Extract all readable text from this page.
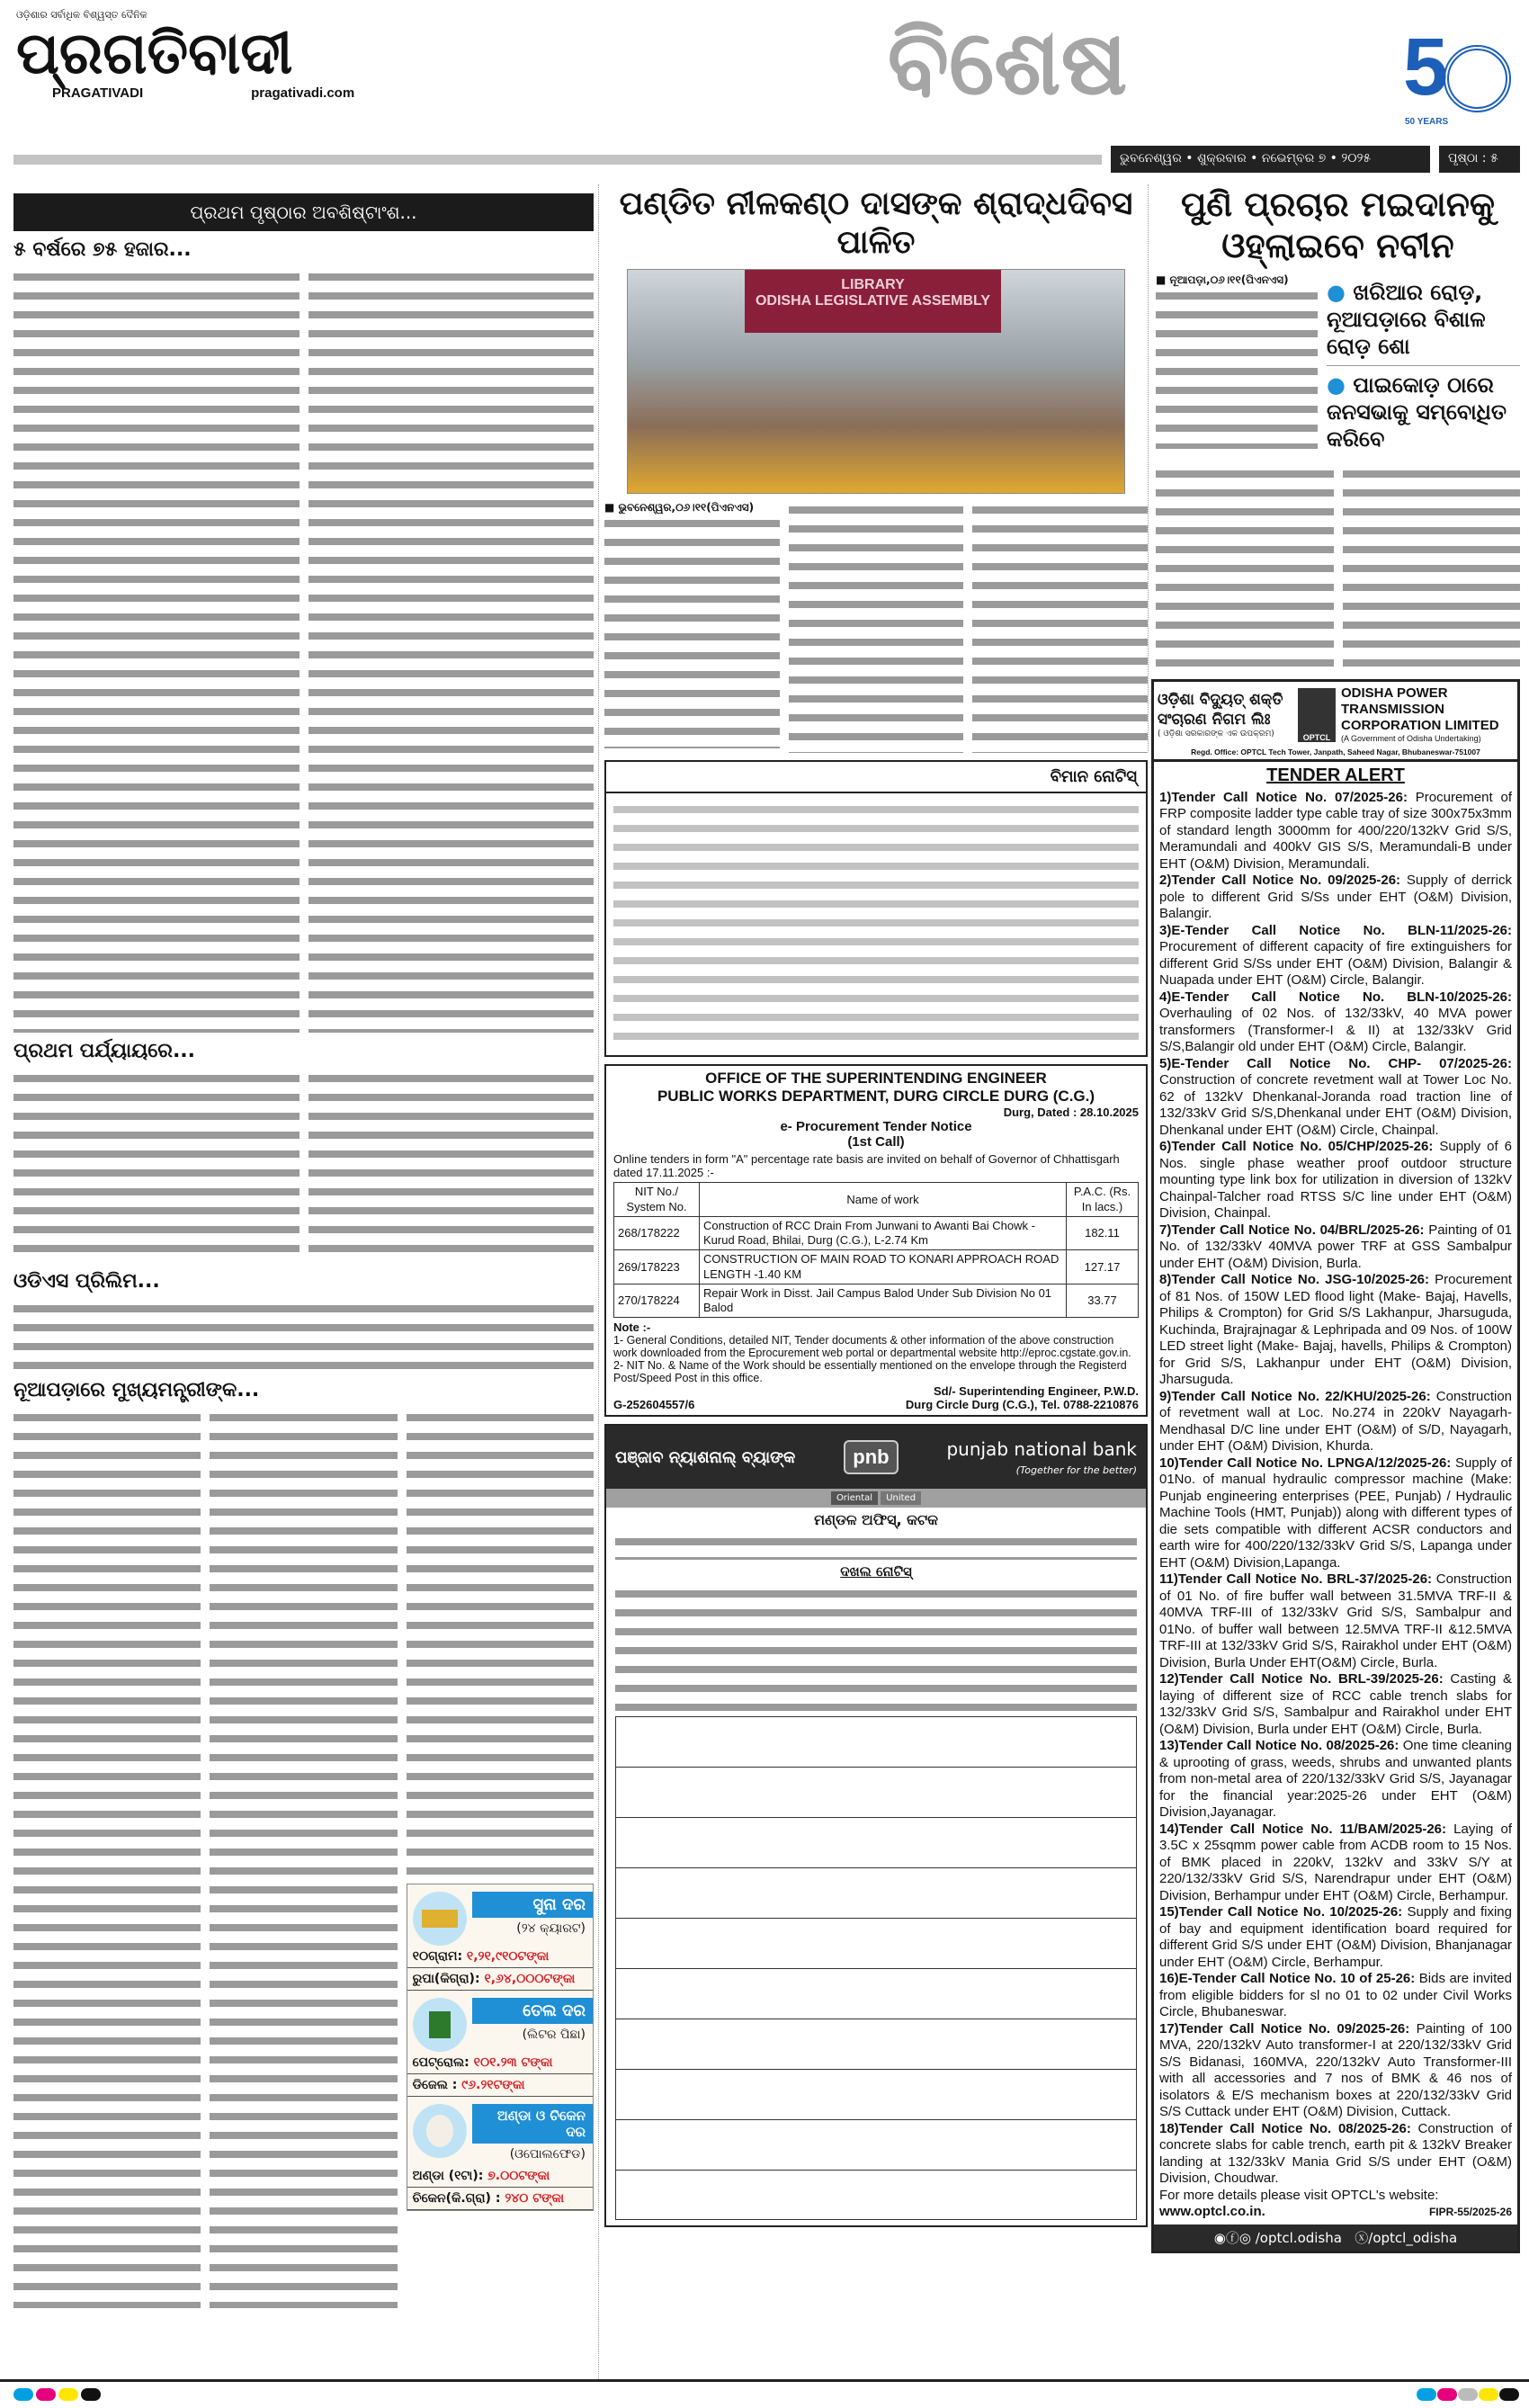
ଓଡ଼ିଶାର ସର୍ବାଧିକ ବିଶ୍ୱସ୍ତ ଦୈନିକ
ପ୍ରଗତିବାଦୀ
PRAGATIVADI	pragativadi.com	ବିଶେଷ	5
50 YEARS
ଭୁବନେଶ୍ୱର • ଶୁକ୍ରବାର • ନଭେମ୍ବର ୭ • ୨୦୨୫	ପୃଷ୍ଠା : ୫
ପ୍ରଥମ ପୃଷ୍ଠାର ଅବଶିଷ୍ଟାଂଶ...
୫ ବର୍ଷରେ ୭୫ ହଜାର...
ପ୍ରଥମ ପର୍ଯ୍ୟାୟରେ...
ଓଡିଏସ ପ୍ରିଲିମ...
ନୂଆପଡ଼ାରେ ମୁଖ୍ୟମନ୍ତ୍ରୀଙ୍କ...
ସୁନା ଦର
(୨୪ କ୍ୟାରଟ)
୧୦ଗ୍ରାମ: ୧,୨୧,୯୧୦ଟଙ୍କା
ରୁପା(କିଗ୍ରା): ୧,୬୪,୦୦୦ଟଙ୍କା
ତେଲ ଦର
(ଲିଟର ପିଛା)
ପେଟ୍ରୋଲ: ୧୦୧.୨୩ ଟଙ୍କା
ଡିଜେଲ : ୯୬.୨୧ଟଙ୍କା
ଅଣ୍ଡା ଓ ଚିକେନ ଦର
(ଓପୋଲଫେଡ)
ଅଣ୍ଡା (୧ଟା): ୭.୦୦ଟଙ୍କା
ଚିକେନ(କି.ଗ୍ରା) : ୨୪୦ ଟଙ୍କା
ପଣ୍ଡିତ ନୀଳକଣ୍ଠ ଦାସଙ୍କ ଶ୍ରାଦ୍ଧଦିବସ ପାଳିତ
LIBRARY
ODISHA LEGISLATIVE ASSEMBLY
■ ଭୁବନେଶ୍ୱର,୦୬।୧୧(ପିଏନଏସ)
ବିମାନ ନୋଟିସ୍
OFFICE OF THE SUPERINTENDING ENGINEER
PUBLIC WORKS DEPARTMENT, DURG CIRCLE DURG (C.G.)
Durg, Dated : 28.10.2025
e- Procurement Tender Notice
(1st Call)
Online tenders in form "A" percentage rate basis are invited on behalf of Governor of Chhattisgarh dated 17.11.2025 :-
NIT No./ System No.	Name of work	P.A.C. (Rs. In lacs.)
268/178222	Construction of RCC Drain From Junwani to Awanti Bai Chowk - Kurud Road, Bhilai, Durg (C.G.), L-2.74 Km	182.11
269/178223	CONSTRUCTION OF MAIN ROAD TO KONARI APPROACH ROAD LENGTH -1.40 KM	127.17
270/178224	Repair Work in Disst. Jail Campus Balod Under Sub Division No 01 Balod	33.77
Note :-
1- General Conditions, detailed NIT, Tender documents & other information of the above construction work downloaded from the Eprocurement web portal or departmental website http://eproc.cgstate.gov.in.
2- NIT No. & Name of the Work should be essentially mentioned on the envelope through the Registerd Post/Speed Post in this office.
Sd/- Superintending Engineer, P.W.D.
G-252604557/6	Durg Circle Durg (C.G.), Tel. 0788-2210876
ପଞ୍ଜାବ ନ୍ୟାଶନାଲ୍ ବ୍ୟାଙ୍କ	pnb	punjab national bank
(Together for the better)
Oriental United
ମଣ୍ଡଳ ଅଫିସ୍, କଟକ
ଦଖଲ ନୋଟିସ୍
ପୁଣି ପ୍ରଚାର ମଇଦାନକୁ ଓହ୍ଲାଇବେ ନବୀନ
■ ନୂଆପଡ଼ା,୦୬।୧୧(ପିଏନଏସ)	● ଖରିଆର ରୋଡ଼, ନୂଆପଡ଼ାରେ ବିଶାଳ ରୋଡ଼ ଶୋ
● ପାଇକୋଡ଼ ଠାରେ ଜନସଭାକୁ ସମ୍ବୋଧିତ କରିବେ
ଓଡ଼ିଶା ବିଦ୍ୟୁତ୍ ଶକ୍ତି
ସଂଚାରଣ ନିଗମ ଲିଃ
( ଓଡ଼ିଶା ସରକାରଙ୍କ ଏକ ଉପକ୍ରମ)	OPTCL
ODISHA POWER TRANSMISSION
CORPORATION LIMITED
(A Government of Odisha Undertaking)
Regd. Office: OPTCL Tech Tower, Janpath, Saheed Nagar, Bhubaneswar-751007
TENDER ALERT

1)Tender Call Notice No. 07/2025-26: Procurement of FRP composite ladder type cable tray of size 300x75x3mm of standard length 3000mm for 400/220/132kV Grid S/S, Meramundali and 400kV GIS S/S, Meramundali-B under EHT (O&M) Division, Meramundali.

2)Tender Call Notice No. 09/2025-26: Supply of derrick pole to different Grid S/Ss under EHT (O&M) Division, Balangir.

3)E-Tender Call Notice No. BLN-11/2025-26: Procurement of different capacity of fire extinguishers for different Grid S/Ss under EHT (O&M) Division, Balangir & Nuapada under EHT (O&M) Circle, Balangir.

4)E-Tender Call Notice No. BLN-10/2025-26: Overhauling of 02 Nos. of 132/33kV, 40 MVA power transformers (Transformer-I & II) at 132/33kV Grid S/S,Balangir old under EHT (O&M) Circle, Balangir.

5)E-Tender Call Notice No. CHP- 07/2025-26: Construction of concrete revetment wall at Tower Loc No. 62 of 132kV Dhenkanal-Joranda road traction line of 132/33kV Grid S/S,Dhenkanal under EHT (O&M) Division, Dhenkanal under EHT (O&M) Circle, Chainpal.

6)Tender Call Notice No. 05/CHP/2025-26: Supply of 6 Nos. single phase weather proof outdoor structure mounting type link box for utilization in diversion of 132kV Chainpal-Talcher road RTSS S/C line under EHT (O&M) Division, Chainpal.

7)Tender Call Notice No. 04/BRL/2025-26: Painting of 01 No. of 132/33kV 40MVA power TRF at GSS Sambalpur under EHT (O&M) Division, Burla.

8)Tender Call Notice No. JSG-10/2025-26: Procurement of 81 Nos. of 150W LED flood light (Make- Bajaj, Havells, Philips & Crompton) for Grid S/S Lakhanpur, Jharsuguda, Kuchinda, Brajrajnagar & Lephripada and 09 Nos. of 100W LED street light (Make- Bajaj, havells, Philips & Crompton) for Grid S/S, Lakhanpur under EHT (O&M) Division, Jharsuguda.

9)Tender Call Notice No. 22/KHU/2025-26: Construction of revetment wall at Loc. No.274 in 220kV Nayagarh-Mendhasal D/C line under EHT (O&M) of S/D, Nayagarh, under EHT (O&M) Division, Khurda.

10)Tender Call Notice No. LPNGA/12/2025-26: Supply of 01No. of manual hydraulic compressor machine (Make: Punjab engineering enterprises (PEE, Punjab) / Hydraulic Machine Tools (HMT, Punjab)) along with different types of die sets compatible with different ACSR conductors and earth wire for 400/220/132/33kV Grid S/S, Lapanga under EHT (O&M) Division,Lapanga.

11)Tender Call Notice No. BRL-37/2025-26: Construction of 01 No. of fire buffer wall between 31.5MVA TRF-II & 40MVA TRF-III of 132/33kV Grid S/S, Sambalpur and 01No. of buffer wall between 12.5MVA TRF-II &12.5MVA TRF-III at 132/33kV Grid S/S, Rairakhol under EHT (O&M) Division, Burla Under EHT(O&M) Circle, Burla.

12)Tender Call Notice No. BRL-39/2025-26: Casting & laying of different size of RCC cable trench slabs for 132/33kV Grid S/S, Sambalpur and Rairakhol under EHT (O&M) Division, Burla under EHT (O&M) Circle, Burla.

13)Tender Call Notice No. 08/2025-26: One time cleaning & uprooting of grass, weeds, shrubs and unwanted plants from non-metal area of 220/132/33kV Grid S/S, Jayanagar for the financial year:2025-26 under EHT (O&M) Division,Jayanagar.

14)Tender Call Notice No. 11/BAM/2025-26: Laying of 3.5C x 25sqmm power cable from ACDB room to 15 Nos. of BMK placed in 220kV, 132kV and 33kV S/Y at 220/132/33kV Grid S/S, Narendrapur under EHT (O&M) Division, Berhampur under EHT (O&M) Circle, Berhampur.

15)Tender Call Notice No. 10/2025-26: Supply and fixing of bay and equipment identification board required for different Grid S/S under EHT (O&M) Division, Bhanjanagar under EHT (O&M) Circle, Berhampur.

16)E-Tender Call Notice No. 10 of 25-26: Bids are invited from eligible bidders for sl no 01 to 02 under Civil Works Circle, Bhubaneswar.

17)Tender Call Notice No. 09/2025-26: Painting of 100 MVA, 220/132kV Auto transformer-I at 220/132/33kV Grid S/S Bidanasi, 160MVA, 220/132kV Auto Transformer-III with all accessories and 7 nos of BMK & 46 nos of isolators & E/S mechanism boxes at 220/132/33kV Grid S/S Cuttack under EHT (O&M) Division, Cuttack.

18)Tender Call Notice No. 08/2025-26: Construction of concrete slabs for cable trench, earth pit & 132kV Breaker landing at 132/33kV Mania Grid S/S under EHT (O&M) Division, Choudwar.

For more details please visit OPTCL's website:

www.optcl.co.in.	FIPR-55/2025-26

◉ⓕ◎ /optcl.odisha ⓧ/optcl_odisha
